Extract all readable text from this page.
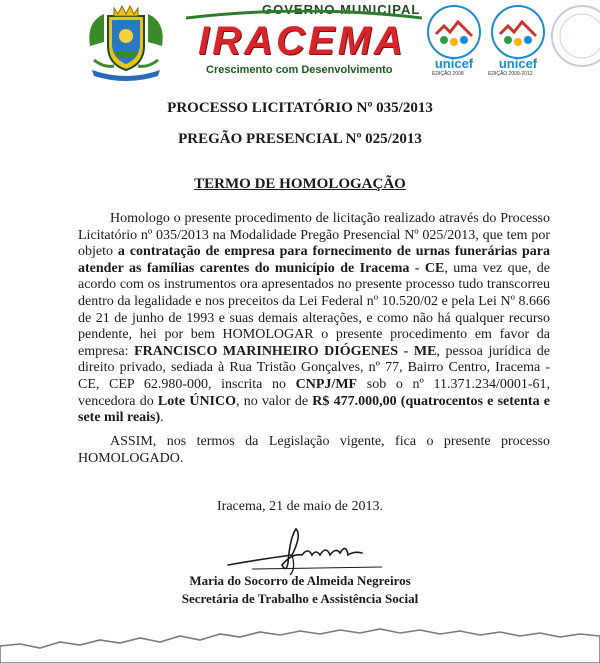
GOVERNO MUNICIPAL
IRACEMA
Crescimento com Desenvolvimento	unicef unicef
EDIÇÃO 2008	EDIÇÃO 2009-2012

PROCESSO LICITATÓRIO Nº 035/2013

PREGÃO PRESENCIAL Nº 025/2013

TERMO DE HOMOLOGAÇÃO

Homologo o presente procedimento de licitação realizado através do Processo Licitatório nº 035/2013 na Modalidade Pregão Presencial Nº 025/2013, que tem por objeto a contratação de empresa para fornecimento de urnas funerárias para atender as famílias carentes do município de Iracema - CE, uma vez que, de acordo com os instrumentos ora apresentados no presente processo tudo transcorreu dentro da legalidade e nos preceitos da Lei Federal nº 10.520/02 e pela Lei Nº 8.666 de 21 de junho de 1993 e suas demais alterações, e como não há qualquer recurso pendente, hei por bem HOMOLOGAR o presente procedimento em favor da empresa: FRANCISCO MARINHEIRO DIÓGENES - ME, pessoa jurídica de direito privado, sediada à Rua Tristão Gonçalves, nº 77, Bairro Centro, Iracema - CE, CEP 62.980-000, inscrita no CNPJ/MF sob o nº 11.371.234/0001-61, vencedora do Lote ÚNICO, no valor de R$ 477.000,00 (quatrocentos e setenta e sete mil reais).

ASSIM, nos termos da Legislação vigente, fica o presente processo HOMOLOGADO.

Iracema, 21 de maio de 2013.

Maria do Socorro de Almeida Negreiros

Secretária de Trabalho e Assistência Social
